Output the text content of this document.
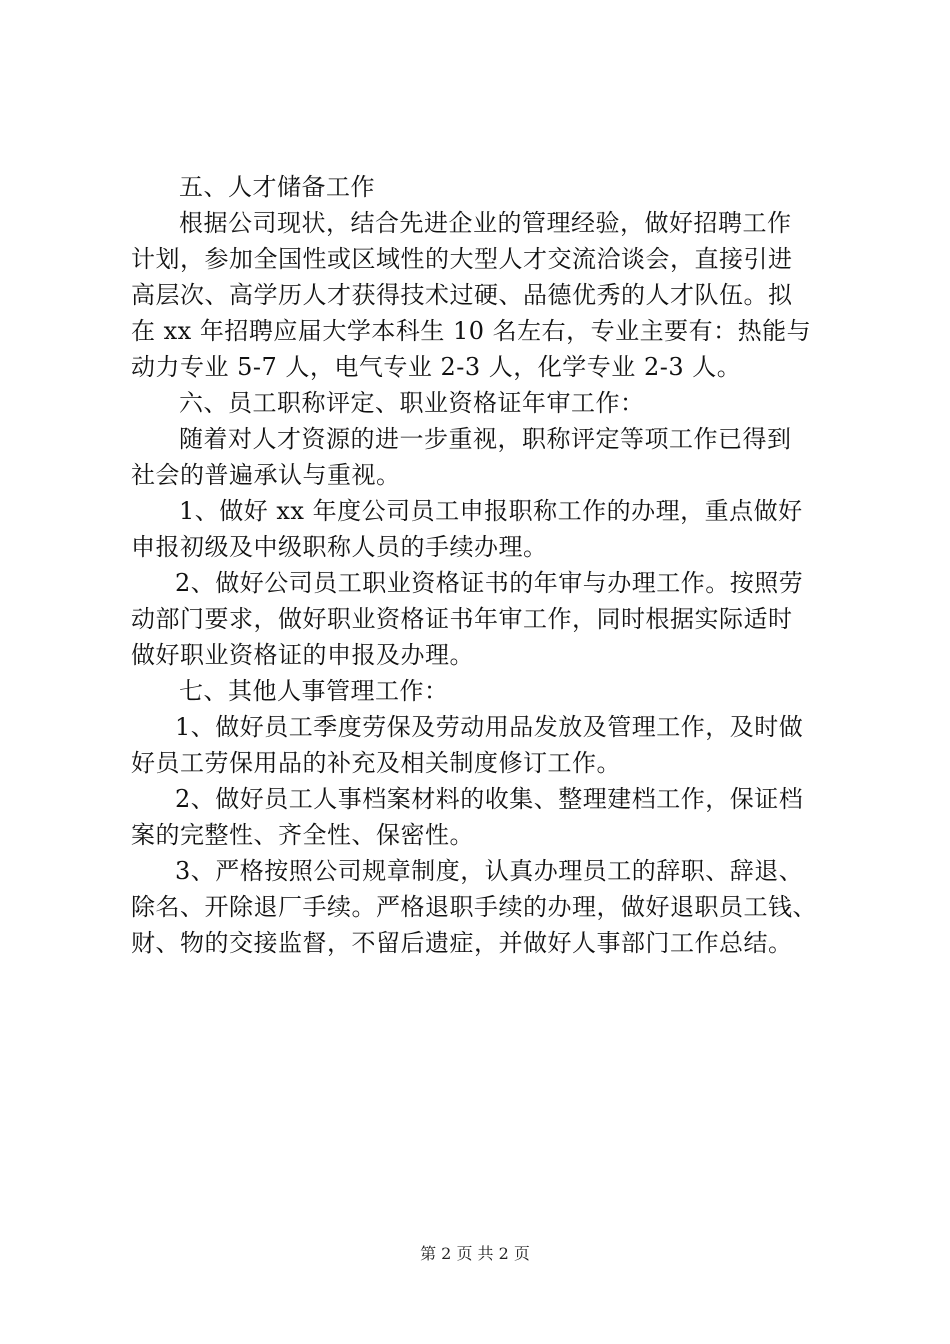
五、人才储备工作
根据公司现状，结合先进企业的管理经验，做好招聘工作
计划，参加全国性或区域性的大型人才交流洽谈会，直接引进
高层次、高学历人才获得技术过硬、品德优秀的人才队伍。拟
在 xx 年招聘应届大学本科生 10 名左右，专业主要有：热能与
动力专业 5-7 人，电气专业 2-3 人，化学专业 2-3 人。
六、员工职称评定、职业资格证年审工作：
随着对人才资源的进一步重视，职称评定等项工作已得到
社会的普遍承认与重视。
1、做好 xx 年度公司员工申报职称工作的办理，重点做好
申报初级及中级职称人员的手续办理。
2、做好公司员工职业资格证书的年审与办理工作。按照劳
动部门要求，做好职业资格证书年审工作，同时根据实际适时
做好职业资格证的申报及办理。
七、其他人事管理工作：
1、做好员工季度劳保及劳动用品发放及管理工作，及时做
好员工劳保用品的补充及相关制度修订工作。
2、做好员工人事档案材料的收集、整理建档工作，保证档
案的完整性、齐全性、保密性。
3、严格按照公司规章制度，认真办理员工的辞职、辞退、
除名、开除退厂手续。严格退职手续的办理，做好退职员工钱、
财、物的交接监督，不留后遗症，并做好人事部门工作总结。
第 2 页 共 2 页
